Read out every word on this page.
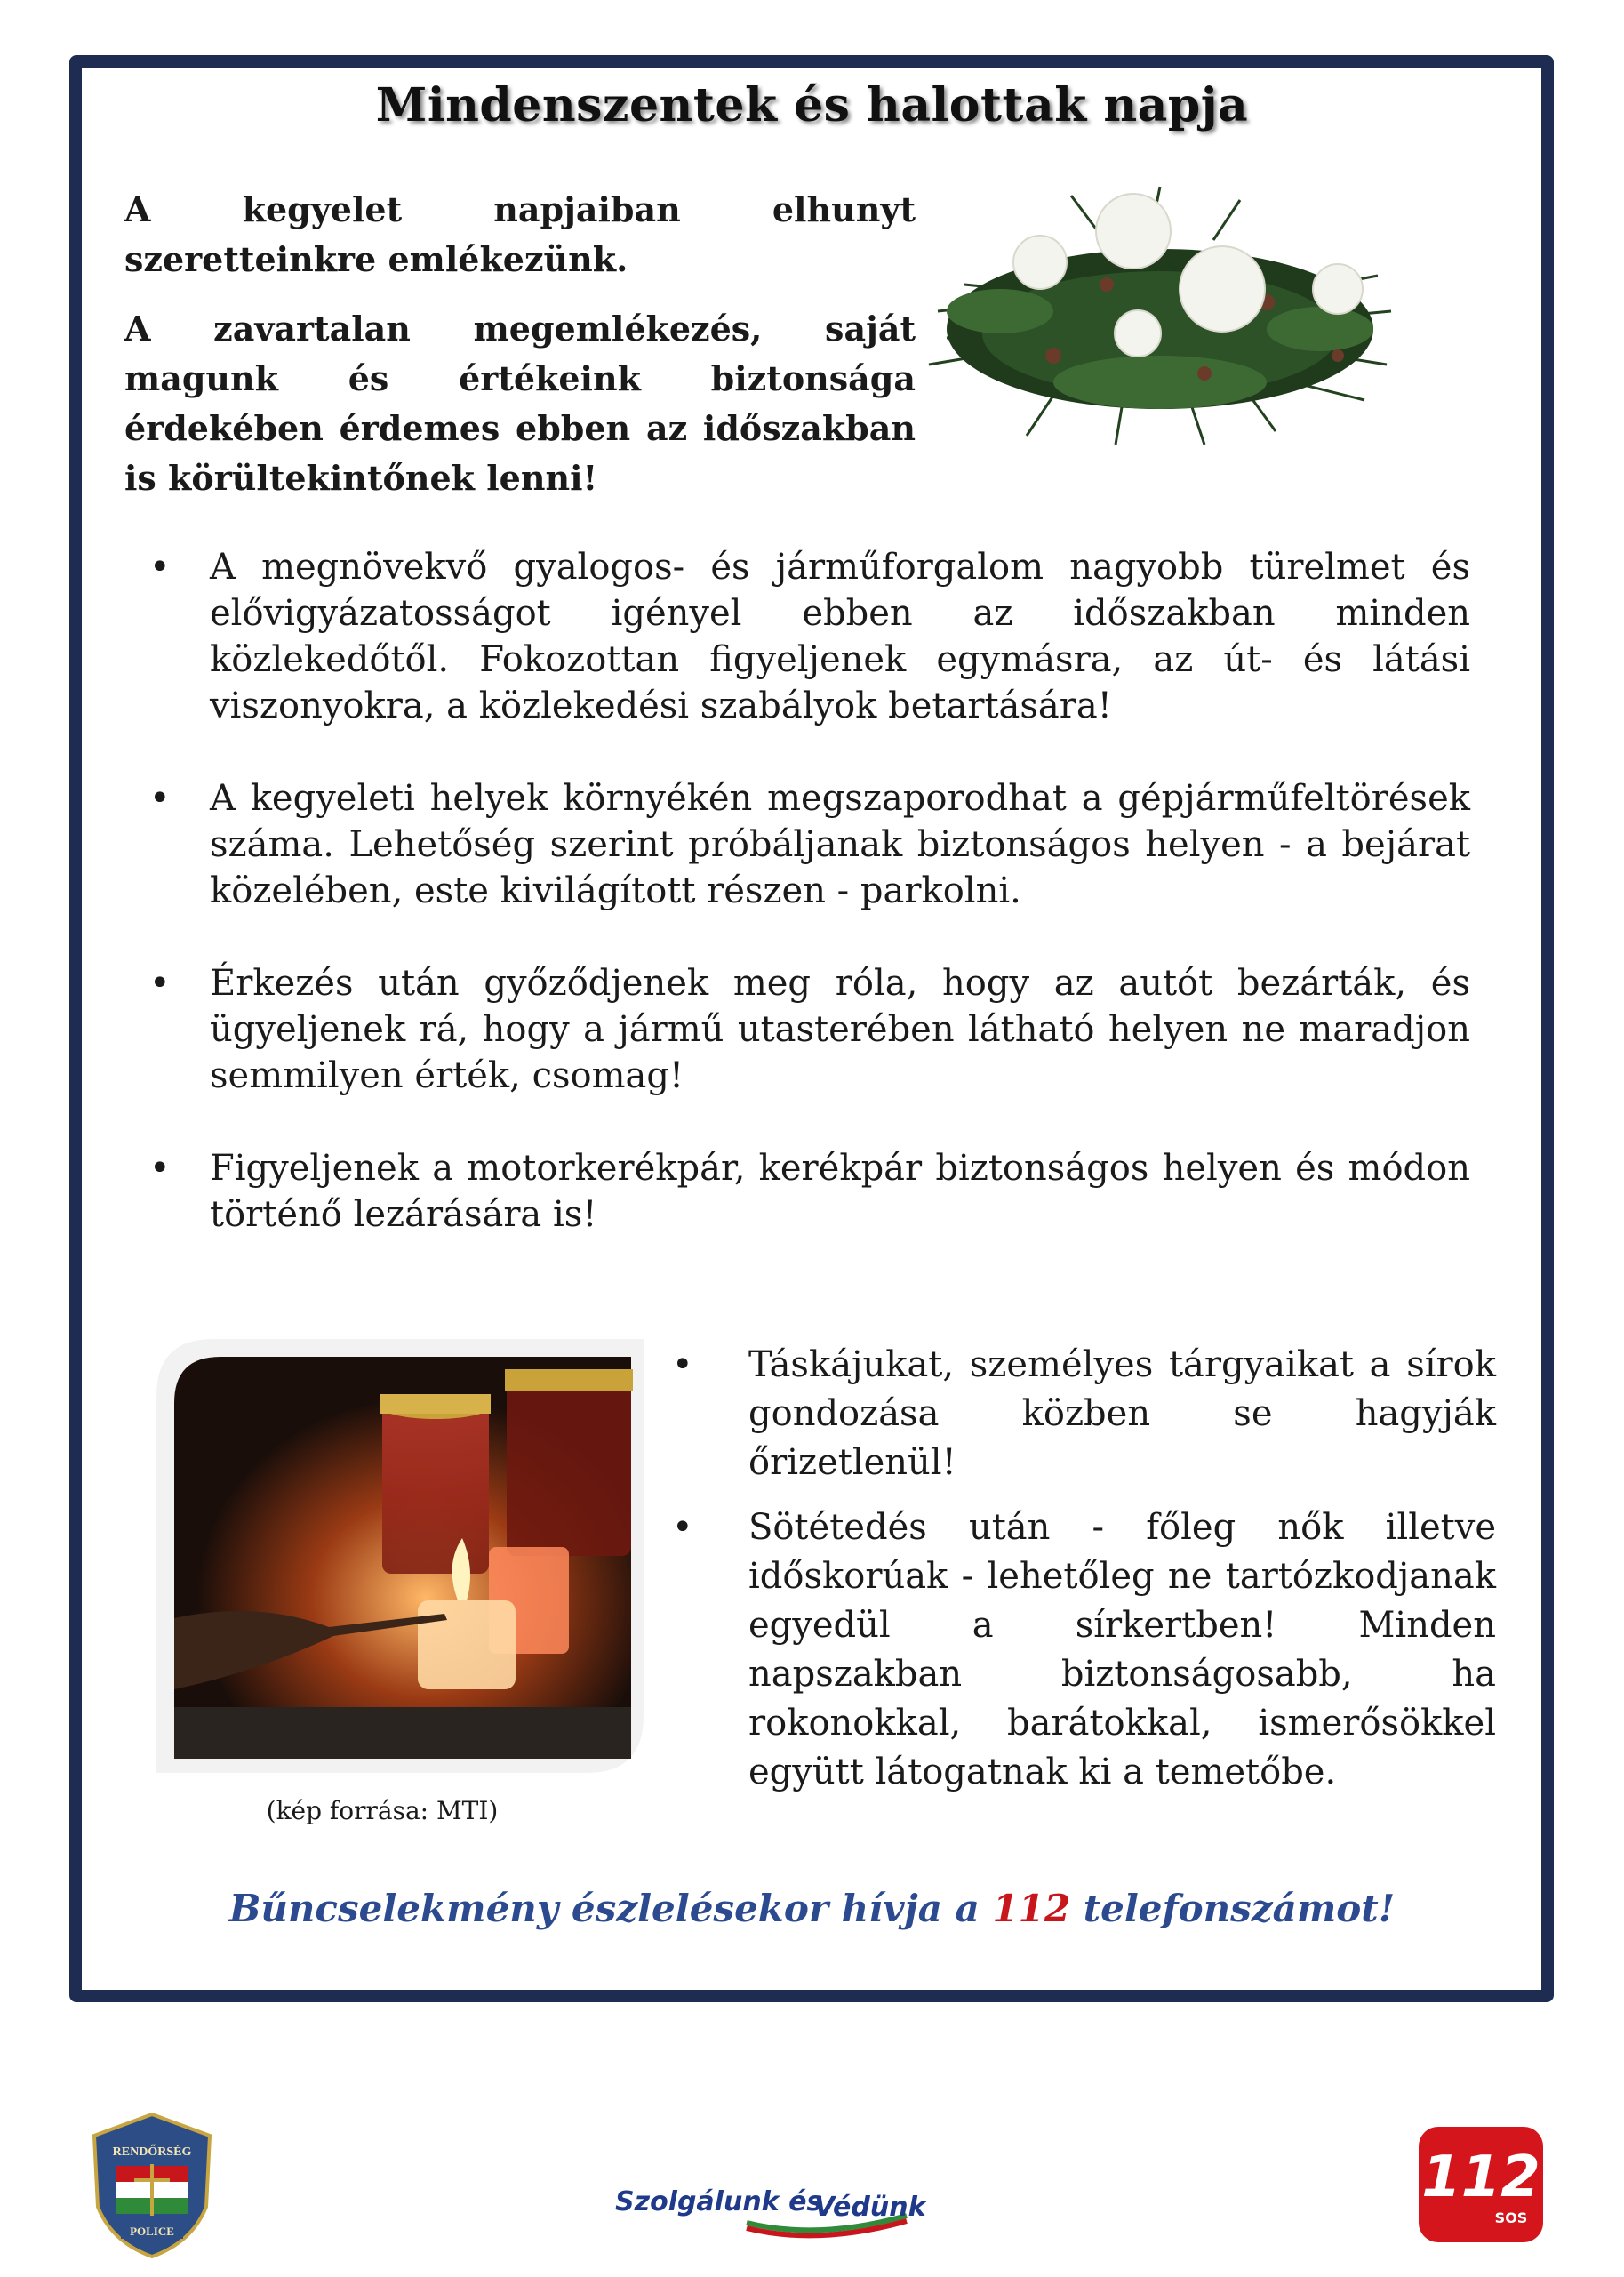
Mindenszentek és halottak napja

A kegyelet napjaiban elhunyt szeretteinkre emlékezünk.

A zavartalan megemlékezés, saját magunk és értékeink biztonsága érdekében érdemes ebben az időszakban is körültekintőnek lenni!

• A megnövekvő gyalogos- és járműforgalom nagyobb türelmet és elővigyázatosságot igényel ebben az időszakban minden közlekedőtől. Fokozottan figyeljenek egymásra, az út- és látási viszonyokra, a közlekedési szabályok betartására!
• A kegyeleti helyek környékén megszaporodhat a gépjárműfeltörések száma. Lehetőség szerint próbáljanak biztonságos helyen - a bejárat közelében, este kivilágított részen - parkolni.
• Érkezés után győződjenek meg róla, hogy az autót bezárták, és ügyeljenek rá, hogy a jármű utasterében látható helyen ne maradjon semmilyen érték, csomag!
• Figyeljenek a motorkerékpár, kerékpár biztonságos helyen és módon történő lezárására is!
(kép forrása: MTI)
• Táskájukat, személyes tárgyaikat a sírok gondozása közben se hagyják őrizetlenül!
• Sötétedés után - főleg nők illetve időskorúak - lehetőleg ne tartózkodjanak egyedül a sírkertben! Minden napszakban biztonságosabb, ha rokonokkal, barátokkal, ismerősökkel együtt látogatnak ki a temetőbe.
Bűncselekmény észlelésekor hívja a 112 telefonszámot!
RENDŐRSÉG
POLICE
Szolgálunk és
Védünk	112
SOS
